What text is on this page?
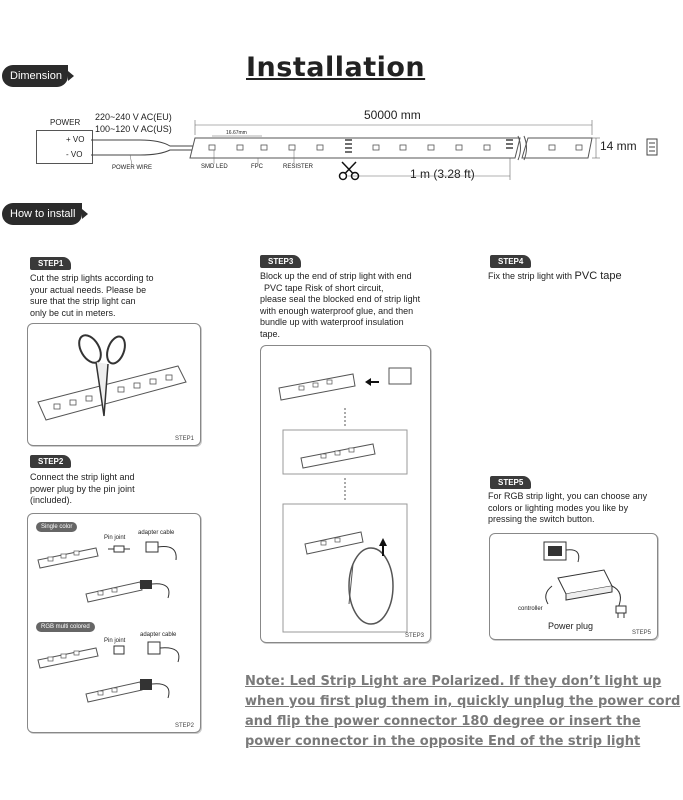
Dimension	Installation
POWER
+ VO
- VO
220~240 V AC(EU)
100~120 V AC(US)	16.67mm
50000 mm
14 mm
1 m (3.28 ft)
POWER WIRE	SMD LED	FPC	RESISTER
How to install
STEP1
Cut the strip lights according to
your actual needs. Please be
sure that the strip light can
only be cut in meters.
STEP1
STEP2
Connect the strip light and
power plug by the pin joint
(included).
Single color
Pin joint
adapter cable
RGB multi colored
Pin joint
adapter cable
STEP2
STEP3
Block up the end of strip light with end
PVC tape Risk of short circuit,
please seal the blocked end of strip light
with enough waterproof glue, and then
bundle up with waterproof insulation
tape.
STEP3
STEP4
Fix the strip light with PVC tape
STEP5
For RGB strip light, you can choose any
colors or lighting modes you like by
pressing the switch button.
controller
Power plug
STEP5
Note: Led Strip Light are Polarized. If they don’t light up when you first plug them in, quickly unplug the power cord and flip the power connector 180 degree or insert the power connector in the opposite End of the strip light
